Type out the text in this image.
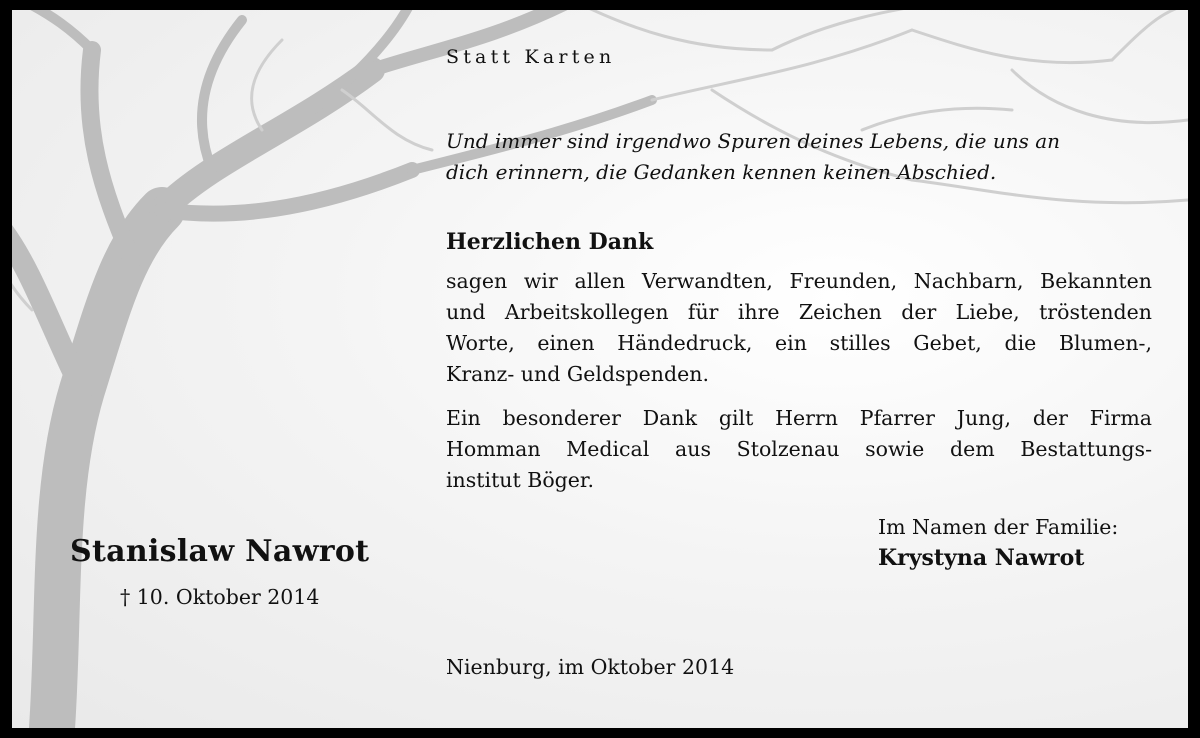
Statt Karten
Und immer sind irgendwo Spuren deines Lebens, die uns an
dich erinnern, die Gedanken kennen keinen Abschied.
Herzlichen Dank
sagen wir allen Verwandten, Freunden, Nachbarn, Bekannten
und Arbeitskollegen für ihre Zeichen der Liebe, tröstenden
Worte, einen Händedruck, ein stilles Gebet, die Blumen-,
Kranz- und Geldspenden.
Ein besonderer Dank gilt Herrn Pfarrer Jung, der Firma
Homman Medical aus Stolzenau sowie dem Bestattungs-
institut Böger.
Im Namen der Familie:
Krystyna Nawrot
Stanislaw Nawrot
† 10. Oktober 2014
Nienburg, im Oktober 2014
